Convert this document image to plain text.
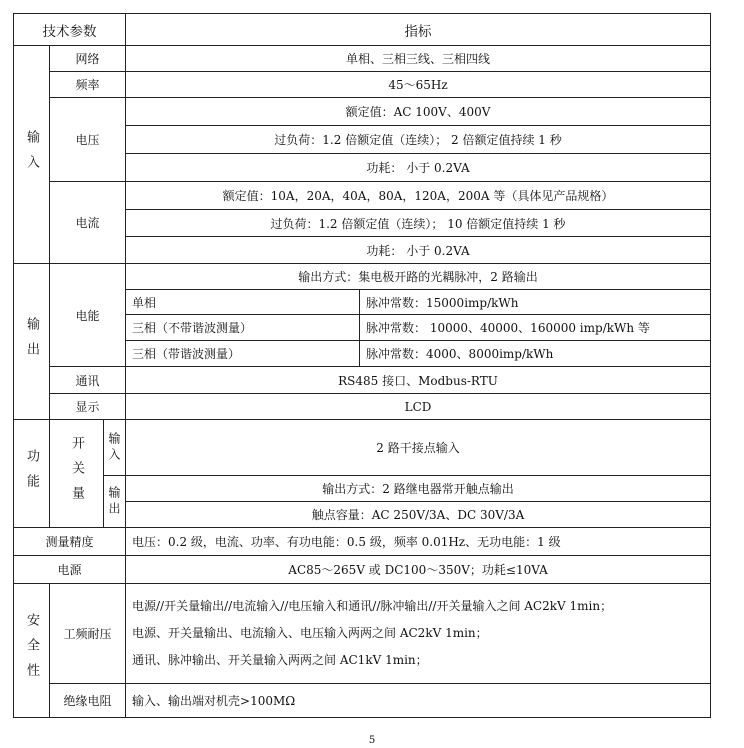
技术参数			指标	
输入	网络		单相、三相三线、三相四线	
	频率		45～65Hz	
	电压		额定值：AC 100V、400V	
			过负荷：1.2 倍额定值（连续）； 2 倍额定值持续 1 秒	
			功耗： 小于 0.2VA	
	电流		额定值：10A，20A，40A，80A，120A，200A 等（具体见产品规格）	
			过负荷：1.2 倍额定值（连续）； 10 倍额定值持续 1 秒	
			功耗： 小于 0.2VA	
输出	电能		输出方式：集电极开路的光耦脉冲，2 路输出	
			单相	脉冲常数：15000imp/kWh
			三相（不带谐波测量）	脉冲常数： 10000、40000、160000 imp/kWh 等
			三相（带谐波测量）	脉冲常数：4000、8000imp/kWh
	通讯		RS485 接口、Modbus-RTU	
	显示		LCD	
功能	开关量	输入	2 路干接点输入	
		输出	输出方式：2 路继电器常开触点输出	
			触点容量：AC 250V/3A、DC 30V/3A	
测量精度			电压：0.2 级，电流、功率、有功电能：0.5 级，频率 0.01Hz、无功电能：1 级	
电源			AC85～265V 或 DC100～350V；功耗≤10VA	
安全性	工频耐压		电源//开关量输出//电流输入//电压输入和通讯//脉冲输出//开关量输入之间 AC2kV 1min；
电源、开关量输出、电流输入、电压输入两两之间 AC2kV 1min；
通讯、脉冲输出、开关量输入两两之间 AC1kV 1min；	

	绝缘电阻		输入、输出端对机壳>100MΩ	
5
